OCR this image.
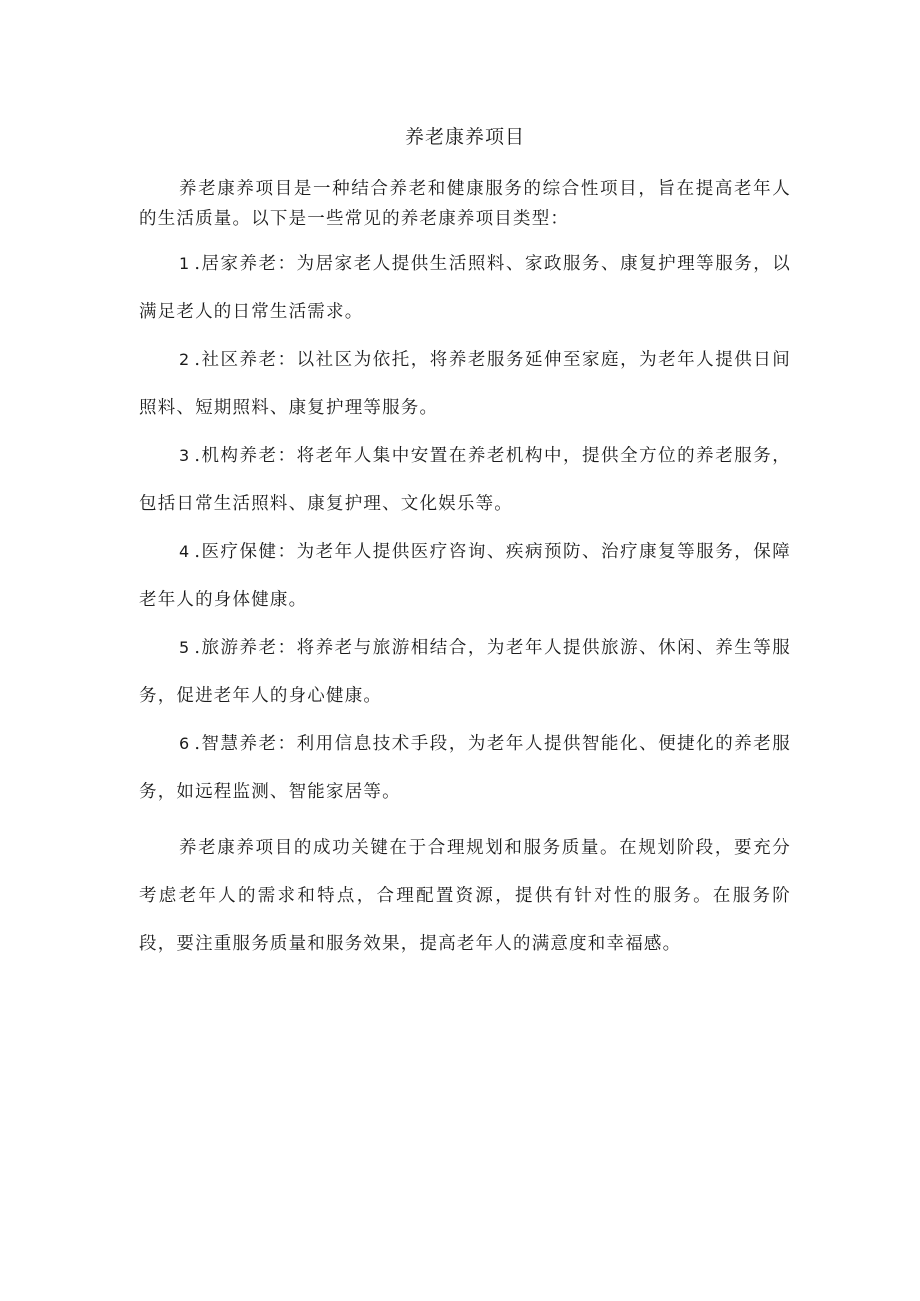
养老康养项目

养老康养项目是一种结合养老和健康服务的综合性项目，旨在提高老年人的生活质量。以下是一些常见的养老康养项目类型：

1 .居家养老：为居家老人提供生活照料、家政服务、康复护理等服务，以满足老人的日常生活需求。

2 .社区养老：以社区为依托，将养老服务延伸至家庭，为老年人提供日间照料、短期照料、康复护理等服务。

3 .机构养老：将老年人集中安置在养老机构中，提供全方位的养老服务，包括日常生活照料、康复护理、文化娱乐等。

4 .医疗保健：为老年人提供医疗咨询、疾病预防、治疗康复等服务，保障老年人的身体健康。

5 .旅游养老：将养老与旅游相结合，为老年人提供旅游、休闲、养生等服务，促进老年人的身心健康。

6 .智慧养老：利用信息技术手段，为老年人提供智能化、便捷化的养老服务，如远程监测、智能家居等。

养老康养项目的成功关键在于合理规划和服务质量。在规划阶段，要充分考虑老年人的需求和特点，合理配置资源，提供有针对性的服务。在服务阶段，要注重服务质量和服务效果，提高老年人的满意度和幸福感。
